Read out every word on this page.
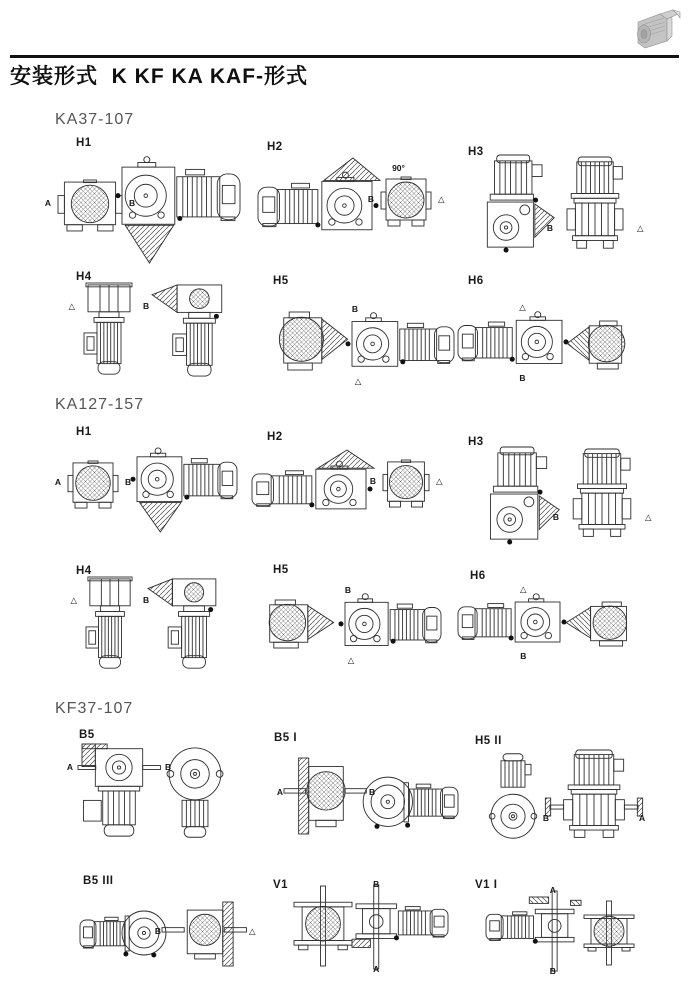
安装形式  K KF KA KAF-形式
KA37-107
H1
A	B
H2
90°
B	△
H3
B	△
H4
△	B
H5
B
△
H6
△
B
KA127-157
H1
A	B
H2
B	△
H3
B	△
H4
△	B
H5
B
△
H6
△
B
KF37-107
B5
A	B
B5 I
A	B
H5 II
B	A
B5 III
B	△
V1	B
A
V1 I	A
B
